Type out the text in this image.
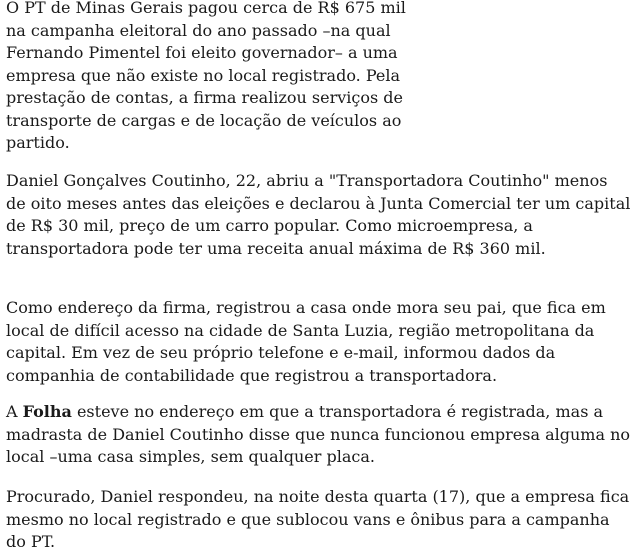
O PT de Minas Gerais pagou cerca de R$ 675 mil na campanha eleitoral do ano passado –na qual Fernando Pimentel foi eleito governador– a uma empresa que não existe no local registrado. Pela prestação de contas, a firma realizou serviços de transporte de cargas e de locação de veículos ao partido.

Daniel Gonçalves Coutinho, 22, abriu a "Transportadora Coutinho" menos de oito meses antes das eleições e declarou à Junta Comercial ter um capital de R$ 30 mil, preço de um carro popular. Como microempresa, a transportadora pode ter uma receita anual máxima de R$ 360 mil.

Como endereço da firma, registrou a casa onde mora seu pai, que fica em local de difícil acesso na cidade de Santa Luzia, região metropolitana da capital. Em vez de seu próprio telefone e e-mail, informou dados da companhia de contabilidade que registrou a transportadora.

A Folha esteve no endereço em que a transportadora é registrada, mas a madrasta de Daniel Coutinho disse que nunca funcionou empresa alguma no local –uma casa simples, sem qualquer placa.

Procurado, Daniel respondeu, na noite desta quarta (17), que a empresa fica mesmo no local registrado e que sublocou vans e ônibus para a campanha do PT.
